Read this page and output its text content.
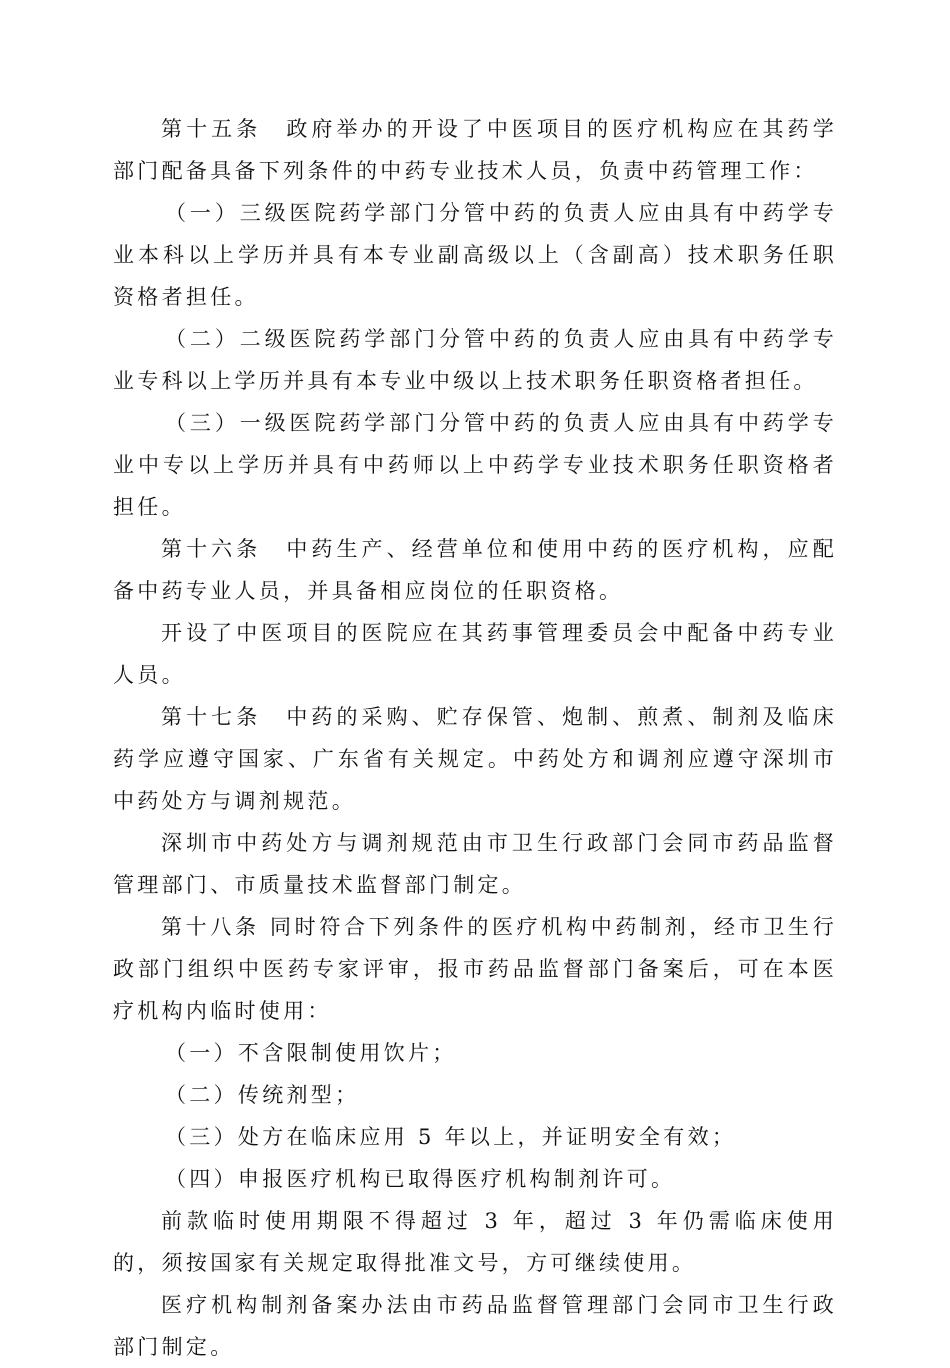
第十五条　政府举办的开设了中医项目的医疗机构应在其药学部门配备具备下列条件的中药专业技术人员，负责中药管理工作：

（一）三级医院药学部门分管中药的负责人应由具有中药学专业本科以上学历并具有本专业副高级以上（含副高）技术职务任职资格者担任。

（二）二级医院药学部门分管中药的负责人应由具有中药学专业专科以上学历并具有本专业中级以上技术职务任职资格者担任。

（三）一级医院药学部门分管中药的负责人应由具有中药学专业中专以上学历并具有中药师以上中药学专业技术职务任职资格者担任。

第十六条　中药生产、经营单位和使用中药的医疗机构，应配备中药专业人员，并具备相应岗位的任职资格。

开设了中医项目的医院应在其药事管理委员会中配备中药专业人员。

第十七条　中药的采购、贮存保管、炮制、煎煮、制剂及临床药学应遵守国家、广东省有关规定。中药处方和调剂应遵守深圳市中药处方与调剂规范。

深圳市中药处方与调剂规范由市卫生行政部门会同市药品监督管理部门、市质量技术监督部门制定。

第十八条 同时符合下列条件的医疗机构中药制剂，经市卫生行政部门组织中医药专家评审，报市药品监督部门备案后，可在本医疗机构内临时使用：

（一）不含限制使用饮片；

（二）传统剂型；

（三）处方在临床应用 5 年以上，并证明安全有效；

（四）申报医疗机构已取得医疗机构制剂许可。

前款临时使用期限不得超过 3 年，超过 3 年仍需临床使用的，须按国家有关规定取得批准文号，方可继续使用。

医疗机构制剂备案办法由市药品监督管理部门会同市卫生行政部门制定。
